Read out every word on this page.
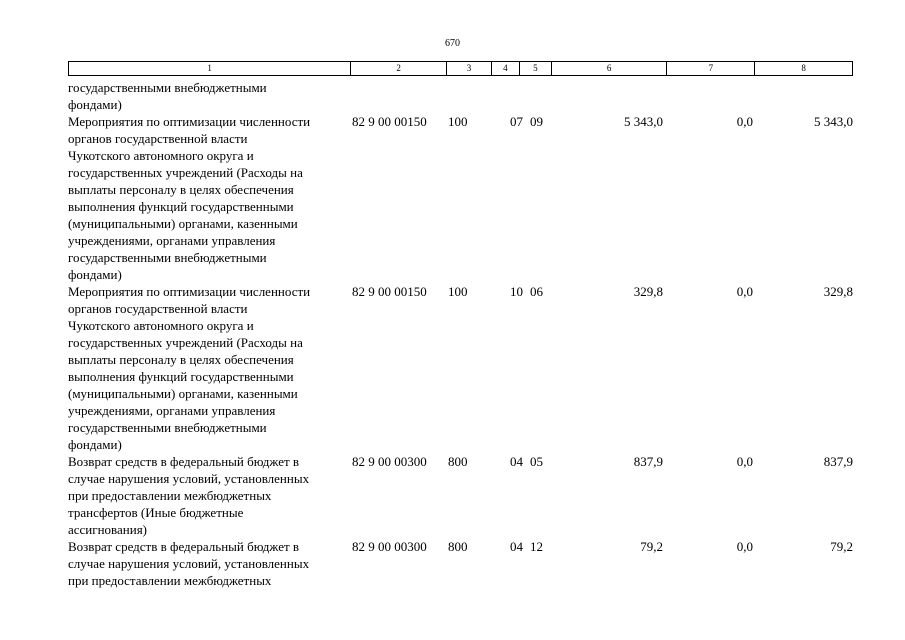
670
1	2	3	4	5	6	7	8
государственными внебюджетными
фондами)
Мероприятия по оптимизации численности
органов государственной власти
Чукотского автономного округа и
государственных учреждений (Расходы на
выплаты персоналу в целях обеспечения
выполнения функций государственными
(муниципальными) органами, казенными
учреждениями, органами управления
государственными внебюджетными
фондами)
82 9 00 00150	100	07 09	5 343,0	0,0	5 343,0
Мероприятия по оптимизации численности
органов государственной власти
Чукотского автономного округа и
государственных учреждений (Расходы на
выплаты персоналу в целях обеспечения
выполнения функций государственными
(муниципальными) органами, казенными
учреждениями, органами управления
государственными внебюджетными
фондами)
82 9 00 00150	100	10 06	329,8	0,0	329,8
Возврат средств в федеральный бюджет в
случае нарушения условий, установленных
при предоставлении межбюджетных
трансфертов (Иные бюджетные
ассигнования)
82 9 00 00300	800	04 05	837,9	0,0	837,9
Возврат средств в федеральный бюджет в
случае нарушения условий, установленных
при предоставлении межбюджетных
82 9 00 00300	800	04 12	79,2	0,0	79,2
